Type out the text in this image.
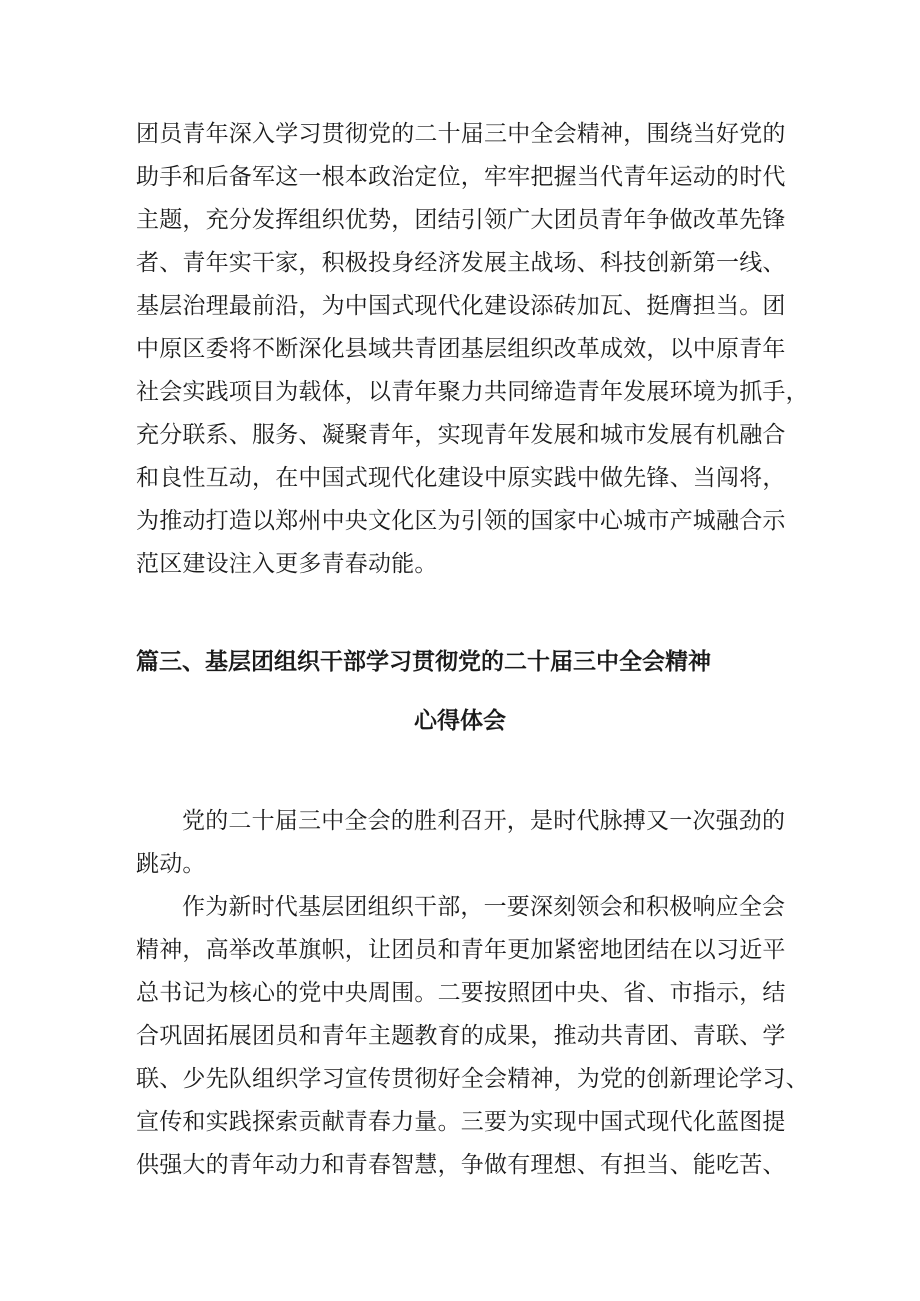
团员青年深入学习贯彻党的二十届三中全会精神，围绕当好党的
助手和后备军这一根本政治定位，牢牢把握当代青年运动的时代
主题，充分发挥组织优势，团结引领广大团员青年争做改革先锋
者、青年实干家，积极投身经济发展主战场、科技创新第一线、
基层治理最前沿，为中国式现代化建设添砖加瓦、挺膺担当。团
中原区委将不断深化县域共青团基层组织改革成效，以中原青年
社会实践项目为载体，以青年聚力共同缔造青年发展环境为抓手，
充分联系、服务、凝聚青年，实现青年发展和城市发展有机融合
和良性互动，在中国式现代化建设中原实践中做先锋、当闯将，
为推动打造以郑州中央文化区为引领的国家中心城市产城融合示
范区建设注入更多青春动能。
篇三、基层团组织干部学习贯彻党的二十届三中全会精神
心得体会
党的二十届三中全会的胜利召开，是时代脉搏又一次强劲的
跳动。
作为新时代基层团组织干部，一要深刻领会和积极响应全会
精神，高举改革旗帜，让团员和青年更加紧密地团结在以习近平
总书记为核心的党中央周围。二要按照团中央、省、市指示，结
合巩固拓展团员和青年主题教育的成果，推动共青团、青联、学
联、少先队组织学习宣传贯彻好全会精神，为党的创新理论学习、
宣传和实践探索贡献青春力量。三要为实现中国式现代化蓝图提
供强大的青年动力和青春智慧，争做有理想、有担当、能吃苦、
